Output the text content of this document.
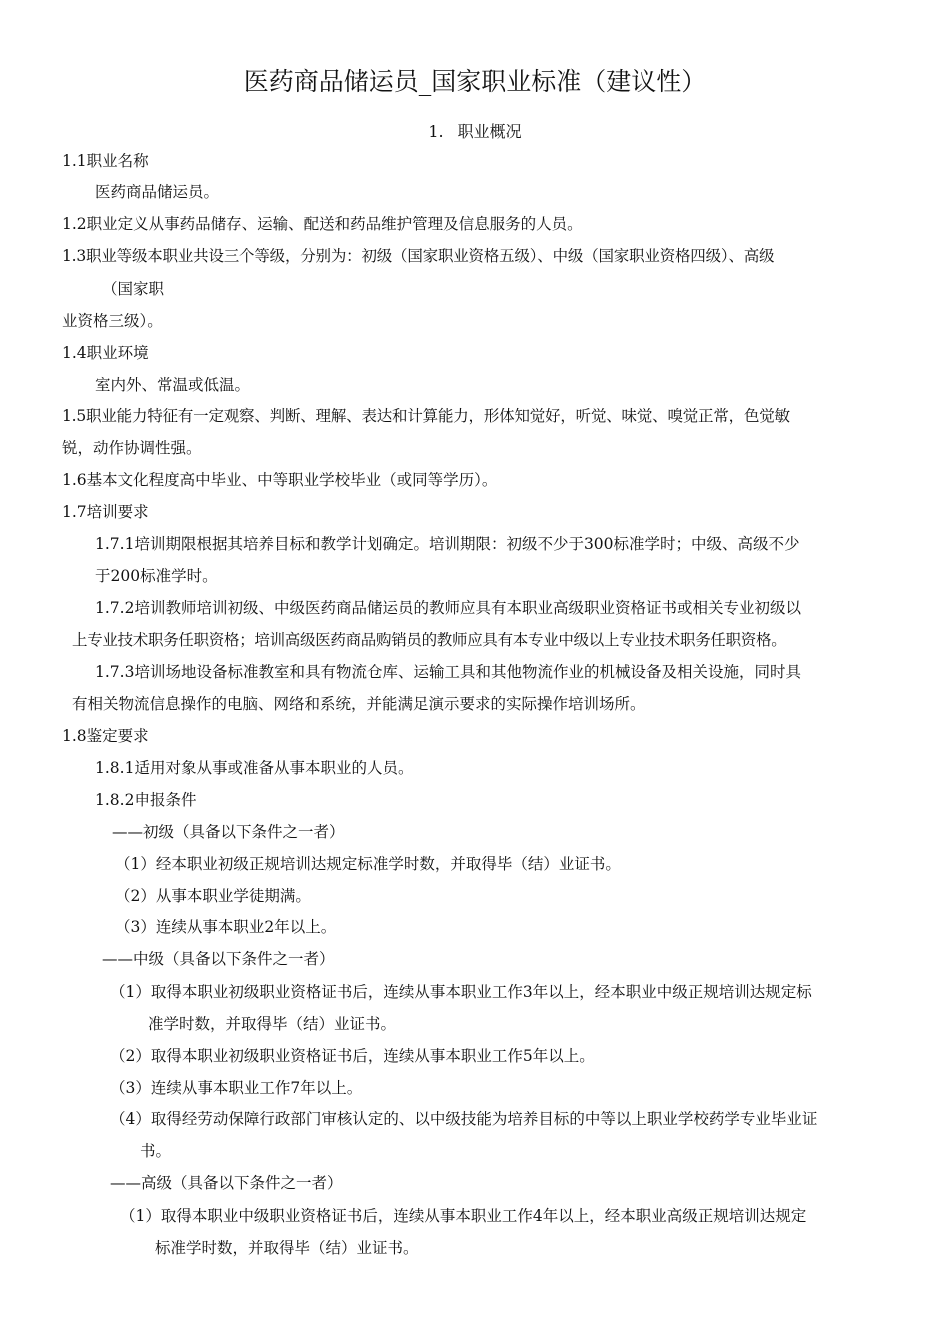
医药商品储运员_国家职业标准（建议性）
1. 职业概况
1.1职业名称
医药商品储运员。
1.2职业定义从事药品储存、运输、配送和药品维护管理及信息服务的人员。
1.3职业等级本职业共设三个等级，分别为：初级（国家职业资格五级）、中级（国家职业资格四级）、高级
（国家职
业资格三级）。
1.4职业环境
室内外、常温或低温。
1.5职业能力特征有一定观察、判断、理解、表达和计算能力，形体知觉好，听觉、味觉、嗅觉正常，色觉敏
锐，动作协调性强。
1.6基本文化程度高中毕业、中等职业学校毕业（或同等学历）。
1.7培训要求
1.7.1培训期限根据其培养目标和教学计划确定。培训期限：初级不少于300标准学时；中级、高级不少
于200标准学时。
1.7.2培训教师培训初级、中级医药商品储运员的教师应具有本职业高级职业资格证书或相关专业初级以
上专业技术职务任职资格；培训高级医药商品购销员的教师应具有本专业中级以上专业技术职务任职资格。
1.7.3培训场地设备标准教室和具有物流仓库、运输工具和其他物流作业的机械设备及相关设施，同时具
有相关物流信息操作的电脑、网络和系统，并能满足演示要求的实际操作培训场所。
1.8鉴定要求
1.8.1适用对象从事或准备从事本职业的人员。
1.8.2申报条件
——初级（具备以下条件之一者）
（1）经本职业初级正规培训达规定标准学时数，并取得毕（结）业证书。
（2）从事本职业学徒期满。
（3）连续从事本职业2年以上。
——中级（具备以下条件之一者）
（1）取得本职业初级职业资格证书后，连续从事本职业工作3年以上，经本职业中级正规培训达规定标
准学时数，并取得毕（结）业证书。
（2）取得本职业初级职业资格证书后，连续从事本职业工作5年以上。
（3）连续从事本职业工作7年以上。
（4）取得经劳动保障行政部门审核认定的、以中级技能为培养目标的中等以上职业学校药学专业毕业证
书。
——高级（具备以下条件之一者）
（1）取得本职业中级职业资格证书后，连续从事本职业工作4年以上，经本职业高级正规培训达规定
标准学时数，并取得毕（结）业证书。
